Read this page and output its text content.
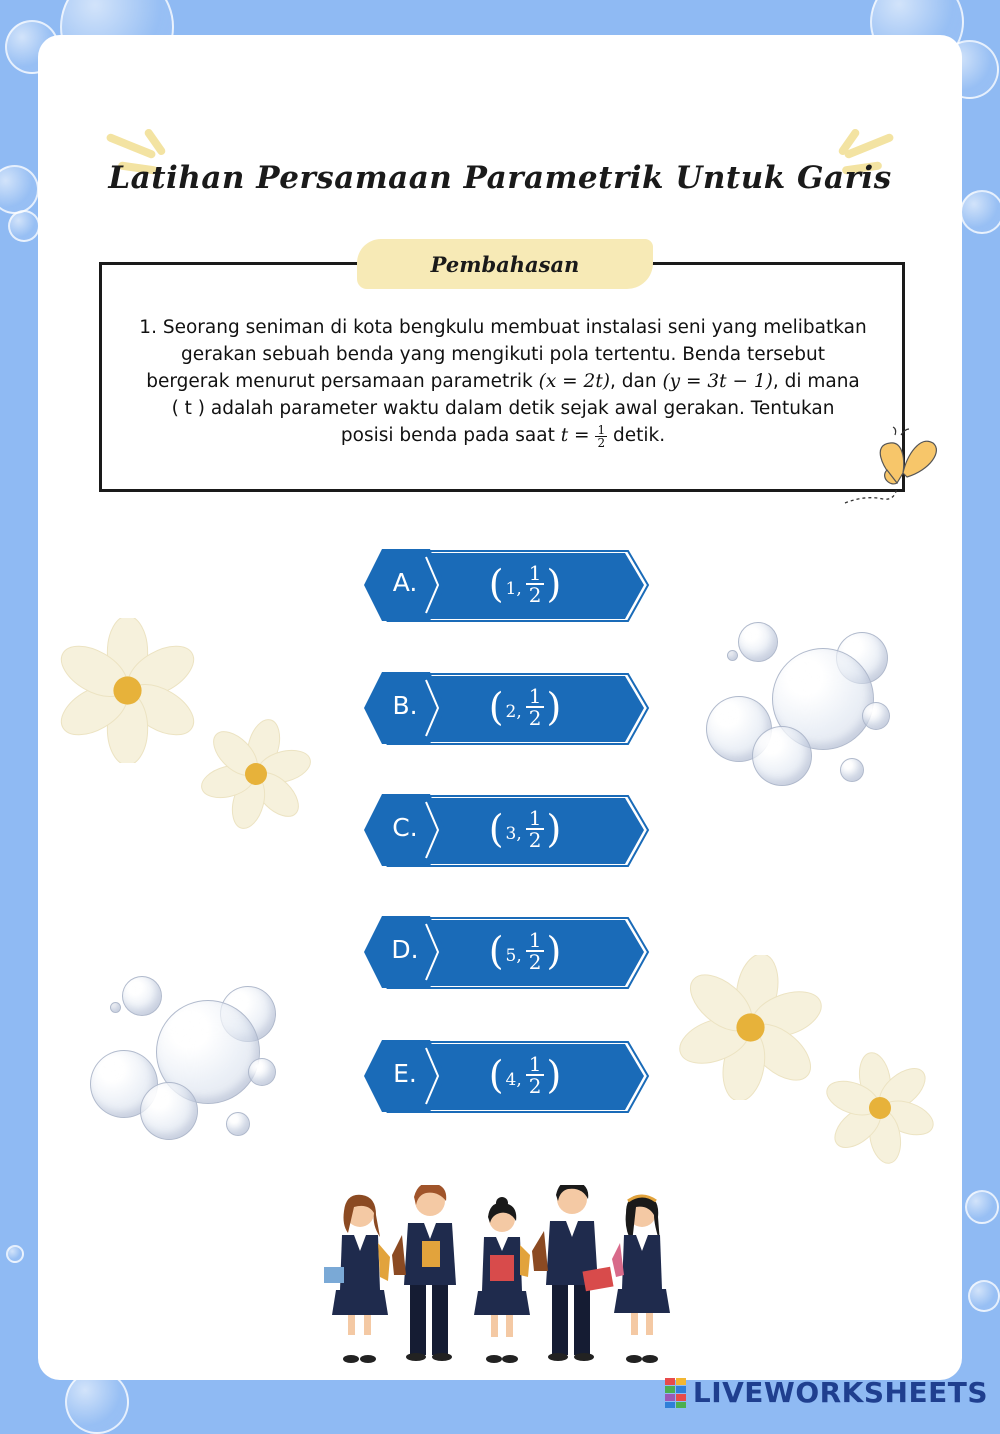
Latihan Persamaan Parametrik Untuk Garis
Pembahasan
1. Seorang seniman di kota bengkulu membuat instalasi seni yang melibatkan
gerakan sebuah benda yang mengikuti pola tertentu. Benda tersebut
bergerak menurut persamaan parametrik (x = 2t), dan (y = 3t − 1), di mana
( t ) adalah parameter waktu dalam detik sejak awal gerakan. Tentukan
posisi benda pada saat $t = \frac{1}{2}$ detik.
A.	( 1, $\frac{1}{2}$ )
B.	( 2, $\frac{1}{2}$ )
C.	( 3, $\frac{1}{2}$ )
D.	( 5, $\frac{1}{2}$ )
E.	( 4, $\frac{1}{2}$ )
LIVEWORKSHEETS
